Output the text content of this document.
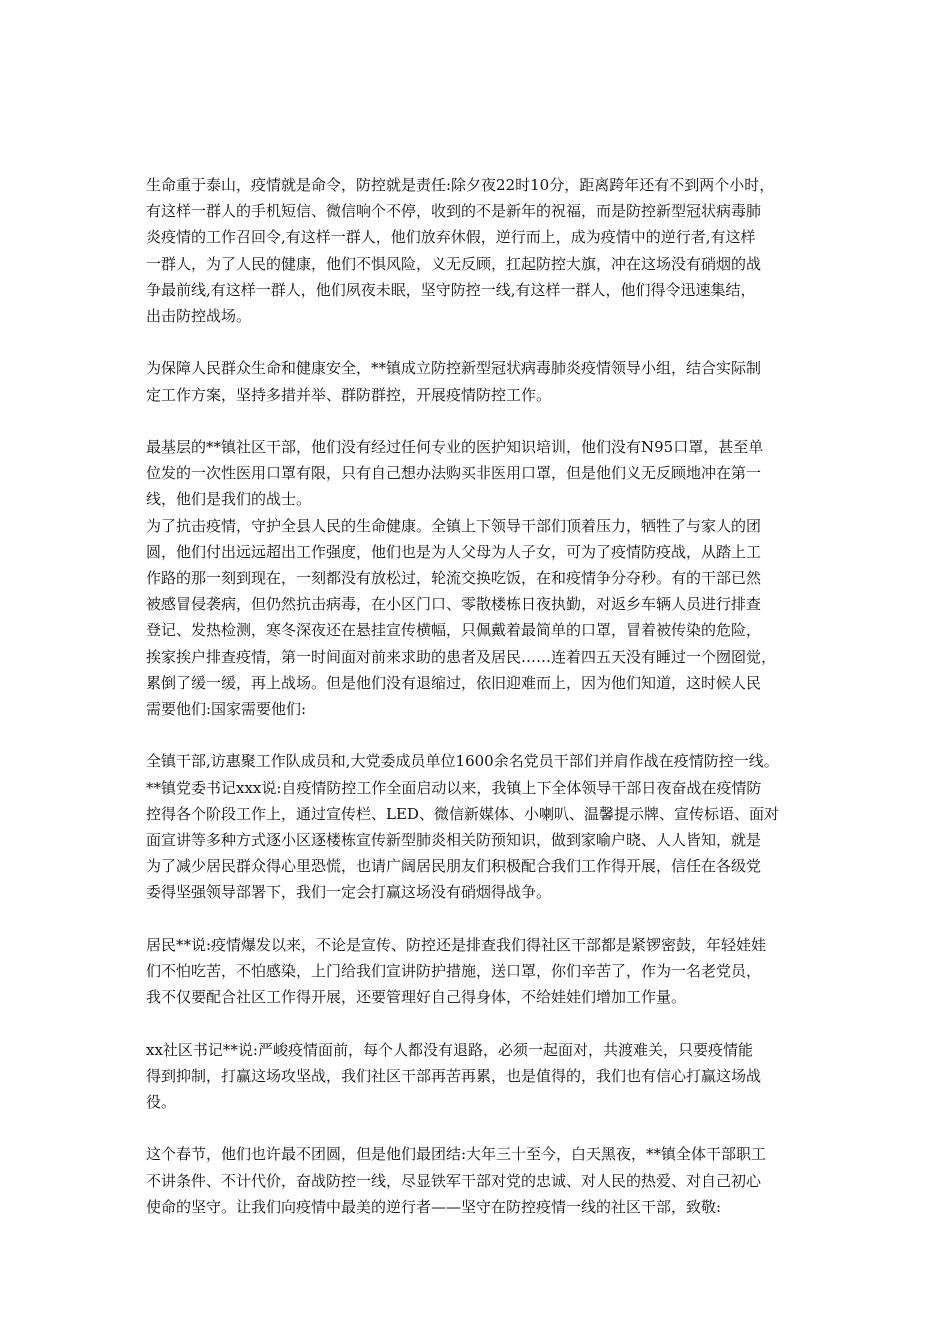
生命重于泰山，疫情就是命令，防控就是责任:除夕夜22时10分，距离跨年还有不到两个小时，
有这样一群人的手机短信、微信响个不停，收到的不是新年的祝福，而是防控新型冠状病毒肺
炎疫情的工作召回令,有这样一群人，他们放弃休假，逆行而上，成为疫情中的逆行者,有这样
一群人，为了人民的健康，他们不惧风险，义无反顾，扛起防控大旗，冲在这场没有硝烟的战
争最前线,有这样一群人，他们夙夜未眠，坚守防控一线,有这样一群人，他们得令迅速集结，
出击防控战场。

为保障人民群众生命和健康安全，**镇成立防控新型冠状病毒肺炎疫情领导小组，结合实际制
定工作方案，坚持多措并举、群防群控，开展疫情防控工作。

最基层的**镇社区干部，他们没有经过任何专业的医护知识培训，他们没有N95口罩，甚至单
位发的一次性医用口罩有限，只有自己想办法购买非医用口罩，但是他们义无反顾地冲在第一
线，他们是我们的战士。
为了抗击疫情，守护全县人民的生命健康。全镇上下领导干部们顶着压力，牺牲了与家人的团
圆，他们付出远远超出工作强度，他们也是为人父母为人子女，可为了疫情防疫战，从踏上工
作路的那一刻到现在，一刻都没有放松过，轮流交换吃饭，在和疫情争分夺秒。有的干部已然
被感冒侵袭病，但仍然抗击病毒，在小区门口、零散楼栋日夜执勤，对返乡车辆人员进行排查
登记、发热检测，寒冬深夜还在悬挂宣传横幅，只佩戴着最简单的口罩，冒着被传染的危险，
挨家挨户排查疫情，第一时间面对前来求助的患者及居民……连着四五天没有睡过一个囫囵觉，
累倒了缓一缓，再上战场。但是他们没有退缩过，依旧迎难而上，因为他们知道，这时候人民
需要他们:国家需要他们:

全镇干部,访惠聚工作队成员和,大党委成员单位1600余名党员干部们并肩作战在疫情防控一线。
**镇党委书记xxx说:自疫情防控工作全面启动以来，我镇上下全体领导干部日夜奋战在疫情防
控得各个阶段工作上，通过宣传栏、LED、微信新媒体、小喇叭、温馨提示牌、宣传标语、面对
面宣讲等多种方式逐小区逐楼栋宣传新型肺炎相关防预知识，做到家喻户晓、人人皆知，就是
为了减少居民群众得心里恐慌，也请广阔居民朋友们积极配合我们工作得开展，信任在各级党
委得坚强领导部署下，我们一定会打赢这场没有硝烟得战争。

居民**说:疫情爆发以来，不论是宣传、防控还是排查我们得社区干部都是紧锣密鼓，年轻娃娃
们不怕吃苦，不怕感染，上门给我们宣讲防护措施，送口罩，你们辛苦了，作为一名老党员，
我不仅要配合社区工作得开展，还要管理好自己得身体，不给娃娃们增加工作量。

xx社区书记**说:严峻疫情面前，每个人都没有退路，必须一起面对，共渡难关，只要疫情能
得到抑制，打赢这场攻坚战，我们社区干部再苦再累，也是值得的，我们也有信心打赢这场战
役。

这个春节，他们也许最不团圆，但是他们最团结:大年三十至今，白天黑夜，**镇全体干部职工
不讲条件、不计代价，奋战防控一线，尽显铁军干部对党的忠诚、对人民的热爱、对自己初心
使命的坚守。让我们向疫情中最美的逆行者——坚守在防控疫情一线的社区干部，致敬:
